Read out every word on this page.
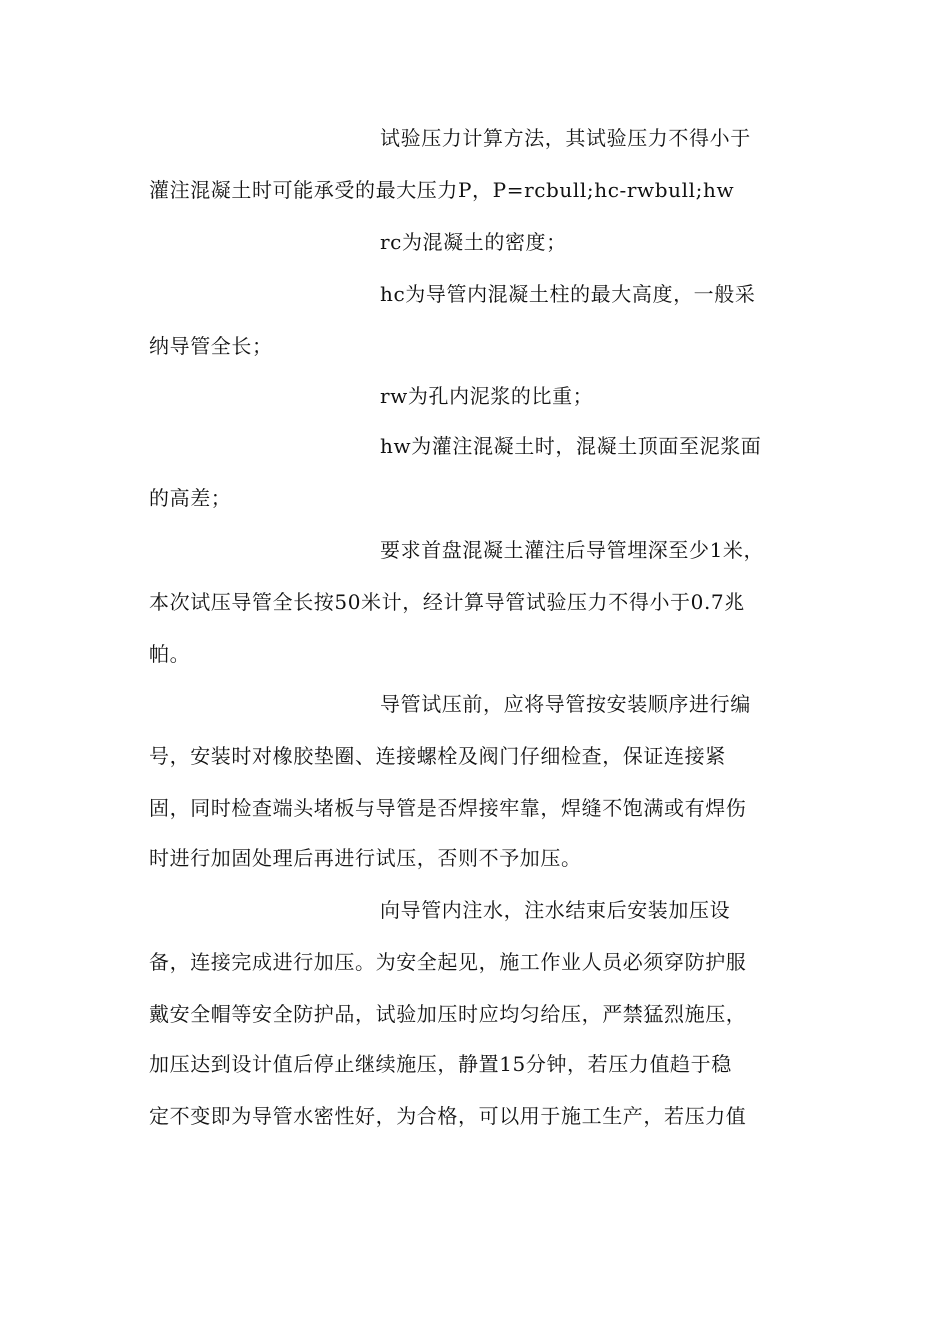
试验压力计算方法，其试验压力不得小于
灌注混凝土时可能承受的最大压力P，P=rcbull;hc-rwbull;hw
rc为混凝土的密度；
hc为导管内混凝土柱的最大高度，一般采
纳导管全长；
rw为孔内泥浆的比重；
hw为灌注混凝土时，混凝土顶面至泥浆面
的高差；
要求首盘混凝土灌注后导管埋深至少1米，
本次试压导管全长按50米计，经计算导管试验压力不得小于0.7兆
帕。
导管试压前，应将导管按安装顺序进行编
号，安装时对橡胶垫圈、连接螺栓及阀门仔细检查，保证连接紧
固，同时检查端头堵板与导管是否焊接牢靠，焊缝不饱满或有焊伤
时进行加固处理后再进行试压，否则不予加压。
向导管内注水，注水结束后安装加压设
备，连接完成进行加压。为安全起见，施工作业人员必须穿防护服
戴安全帽等安全防护品，试验加压时应均匀给压，严禁猛烈施压，
加压达到设计值后停止继续施压，静置15分钟，若压力值趋于稳
定不变即为导管水密性好，为合格，可以用于施工生产，若压力值
